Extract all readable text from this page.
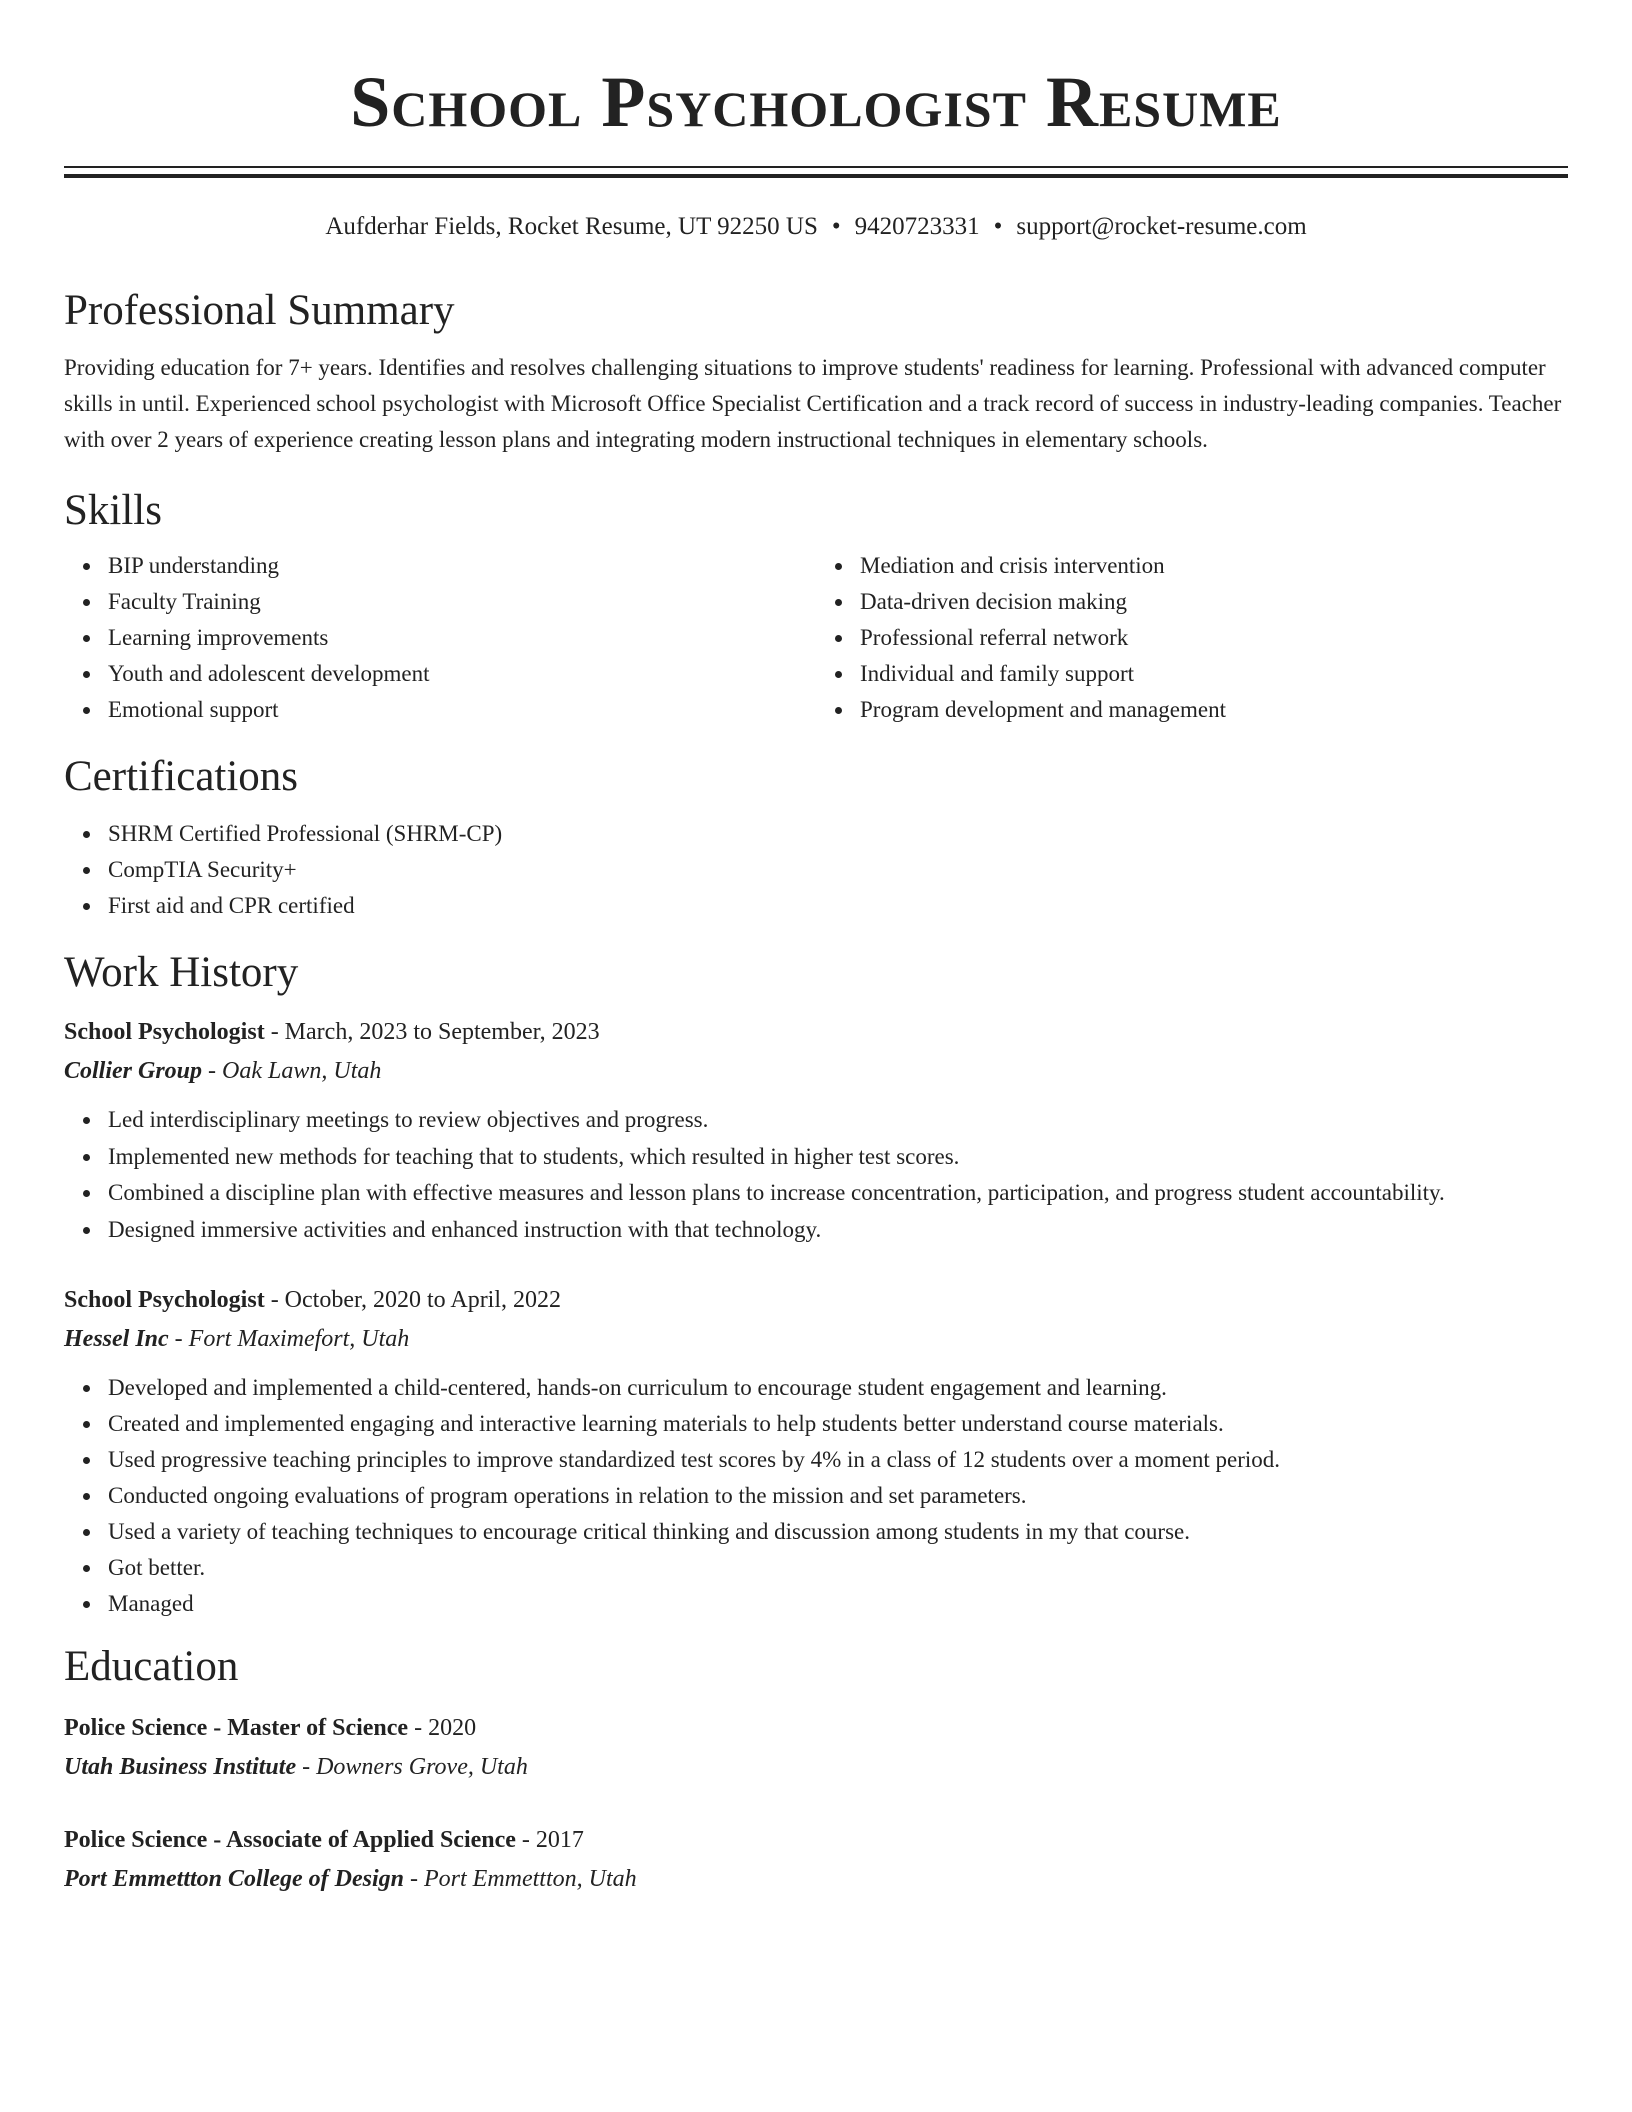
School Psychologist Resume
Aufderhar Fields, Rocket Resume, UT 92250 US • 9420723331 • support@rocket-resume.com
Professional Summary

Providing education for 7+ years. Identifies and resolves challenging situations to improve students' readiness for learning. Professional with advanced computer skills in until. Experienced school psychologist with Microsoft Office Specialist Certification and a track record of success in industry-leading companies. Teacher with over 2 years of experience creating lesson plans and integrating modern instructional techniques in elementary schools.

Skills
BIP understanding
Faculty Training
Learning improvements
Youth and adolescent development
Emotional support
Mediation and crisis intervention
Data-driven decision making
Professional referral network
Individual and family support
Program development and management
Certifications
SHRM Certified Professional (SHRM-CP)
CompTIA Security+
First aid and CPR certified
Work History
School Psychologist - March, 2023 to September, 2023
Collier Group - Oak Lawn, Utah
Led interdisciplinary meetings to review objectives and progress.
Implemented new methods for teaching that to students, which resulted in higher test scores.
Combined a discipline plan with effective measures and lesson plans to increase concentration, participation, and progress student accountability.
Designed immersive activities and enhanced instruction with that technology.
School Psychologist - October, 2020 to April, 2022
Hessel Inc - Fort Maximefort, Utah
Developed and implemented a child-centered, hands-on curriculum to encourage student engagement and learning.
Created and implemented engaging and interactive learning materials to help students better understand course materials.
Used progressive teaching principles to improve standardized test scores by 4% in a class of 12 students over a moment period.
Conducted ongoing evaluations of program operations in relation to the mission and set parameters.
Used a variety of teaching techniques to encourage critical thinking and discussion among students in my that course.
Got better.
Managed
Education
Police Science - Master of Science - 2020
Utah Business Institute - Downers Grove, Utah
Police Science - Associate of Applied Science - 2017
Port Emmettton College of Design - Port Emmettton, Utah
